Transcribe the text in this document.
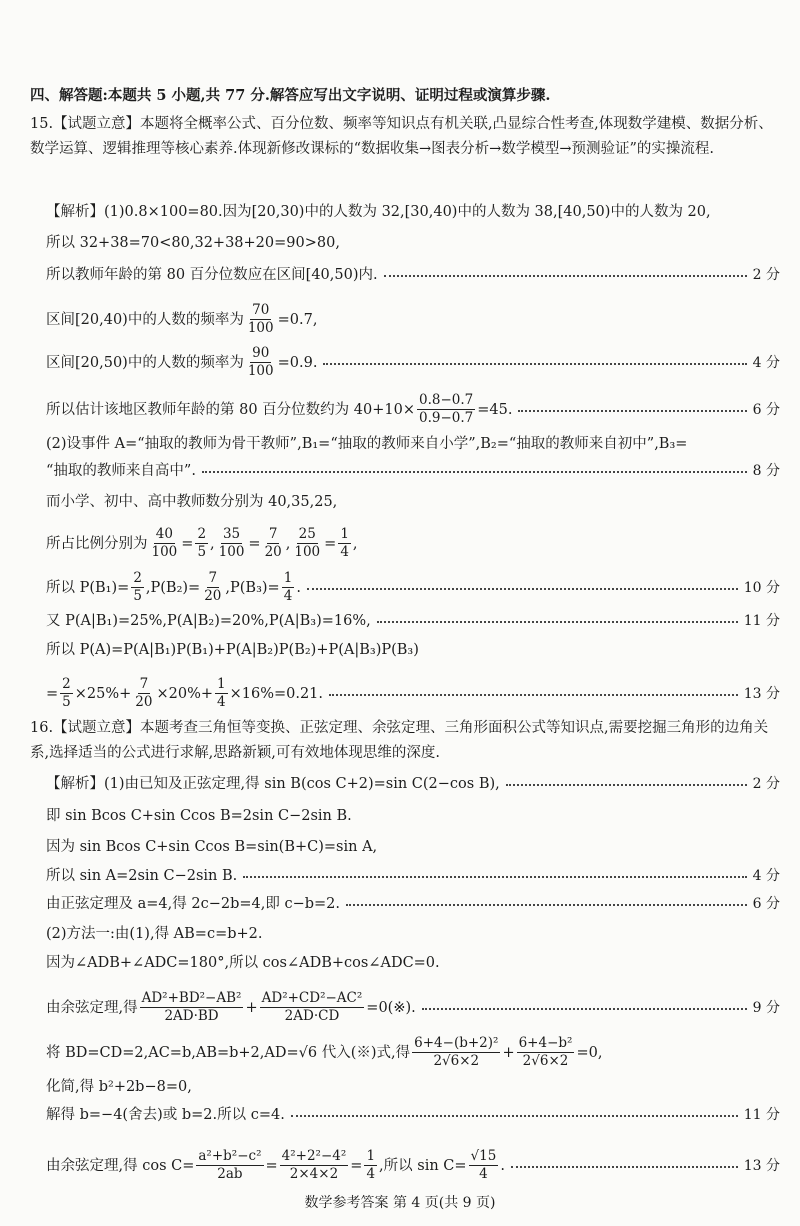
四、解答题:本题共 5 小题,共 77 分.解答应写出文字说明、证明过程或演算步骤.
15.【试题立意】本题将全概率公式、百分位数、频率等知识点有机关联,凸显综合性考查,体现数学建模、数据分析、数学运算、逻辑推理等核心素养.体现新修改课标的“数据收集→图表分析→数学模型→预测验证”的实操流程.
【解析】(1)0.8×100=80.因为[20,30)中的人数为 32,[30,40)中的人数为 38,[40,50)中的人数为 20,
所以 32+38=70<80,32+38+20=90>80,
所以教师年龄的第 80 百分位数应在区间[40,50)内.	2 分
区间[20,40)中的人数的频率为 $\frac{70}{100} =0.7$,
区间[20,50)中的人数的频率为 $\frac{90}{100} =0.9$.	4 分
所以估计该地区教师年龄的第 80 百分位数约为 $40+10\times \frac{0.8-0.7}{0.9-0.7} =45$.	6 分
(2)设事件 A=“抽取的教师为骨干教师”,B₁=“抽取的教师来自小学”,B₂=“抽取的教师来自初中”,B₃=
“抽取的教师来自高中”.	8 分
而小学、初中、高中教师数分别为 40,35,25,
所占比例分别为 $\frac{40}{100} = \frac{2}{5}$ , $\frac{35}{100} = \frac{7}{20}$ , $\frac{25}{100} = \frac{1}{4}$ ,
所以 $P(B_1)= \frac{2}{5} ,P(B_2)= \frac{7}{20} ,P(B_3)= \frac{1}{4}$ .	10 分
又 P(A|B₁)=25%,P(A|B₂)=20%,P(A|B₃)=16%,	11 分
所以 P(A)=P(A|B₁)P(B₁)+P(A|B₂)P(B₂)+P(A|B₃)P(B₃)
= $\frac{2}{5} \times 25\%+ \frac{7}{20} \times 20\%+ \frac{1}{4} \times 16\%=0.21$.	13 分
16.【试题立意】本题考查三角恒等变换、正弦定理、余弦定理、三角形面积公式等知识点,需要挖掘三角形的边角关系,选择适当的公式进行求解,思路新颖,可有效地体现思维的深度.
【解析】(1)由已知及正弦定理,得 sin B(cos C+2)=sin C(2−cos B),	2 分
即 sin Bcos C+sin Ccos B=2sin C−2sin B.
因为 sin Bcos C+sin Ccos B=sin(B+C)=sin A,
所以 sin A=2sin C−2sin B.	4 分
由正弦定理及 a=4,得 2c−2b=4,即 c−b=2.	6 分
(2)方法一:由(1),得 AB=c=b+2.
因为∠ADB+∠ADC=180°,所以 cos∠ADB+cos∠ADC=0.
由余弦定理,得 $\frac{\text{AD²+BD²−AB²}}{2AD\cdot BD} + \frac{\text{AD²+CD²−AC²}}{2AD\cdot CD}$ =0(※).	9 分
将 BD=CD=2,AC=b,AB=b+2,AD=√6 代入(※)式,得 $\frac{\text{6+4−(b+2)²}}{2√6\times 2} + \frac{\text{6+4−b²}}{2√6\times 2} =0$,
化简,得 b²+2b−8=0,
解得 b=−4(舍去)或 b=2.所以 c=4.	11 分
由余弦定理,得 $\cos C= \frac{\text{a²+b²−c²}}{2ab} = \frac{\text{4²+2²−4²}}{2\times 4\times 2} = \frac{1}{4}$ ,所以 $\sin C= \frac{√15}{4}$ .	13 分
数学参考答案 第 4 页(共 9 页)
